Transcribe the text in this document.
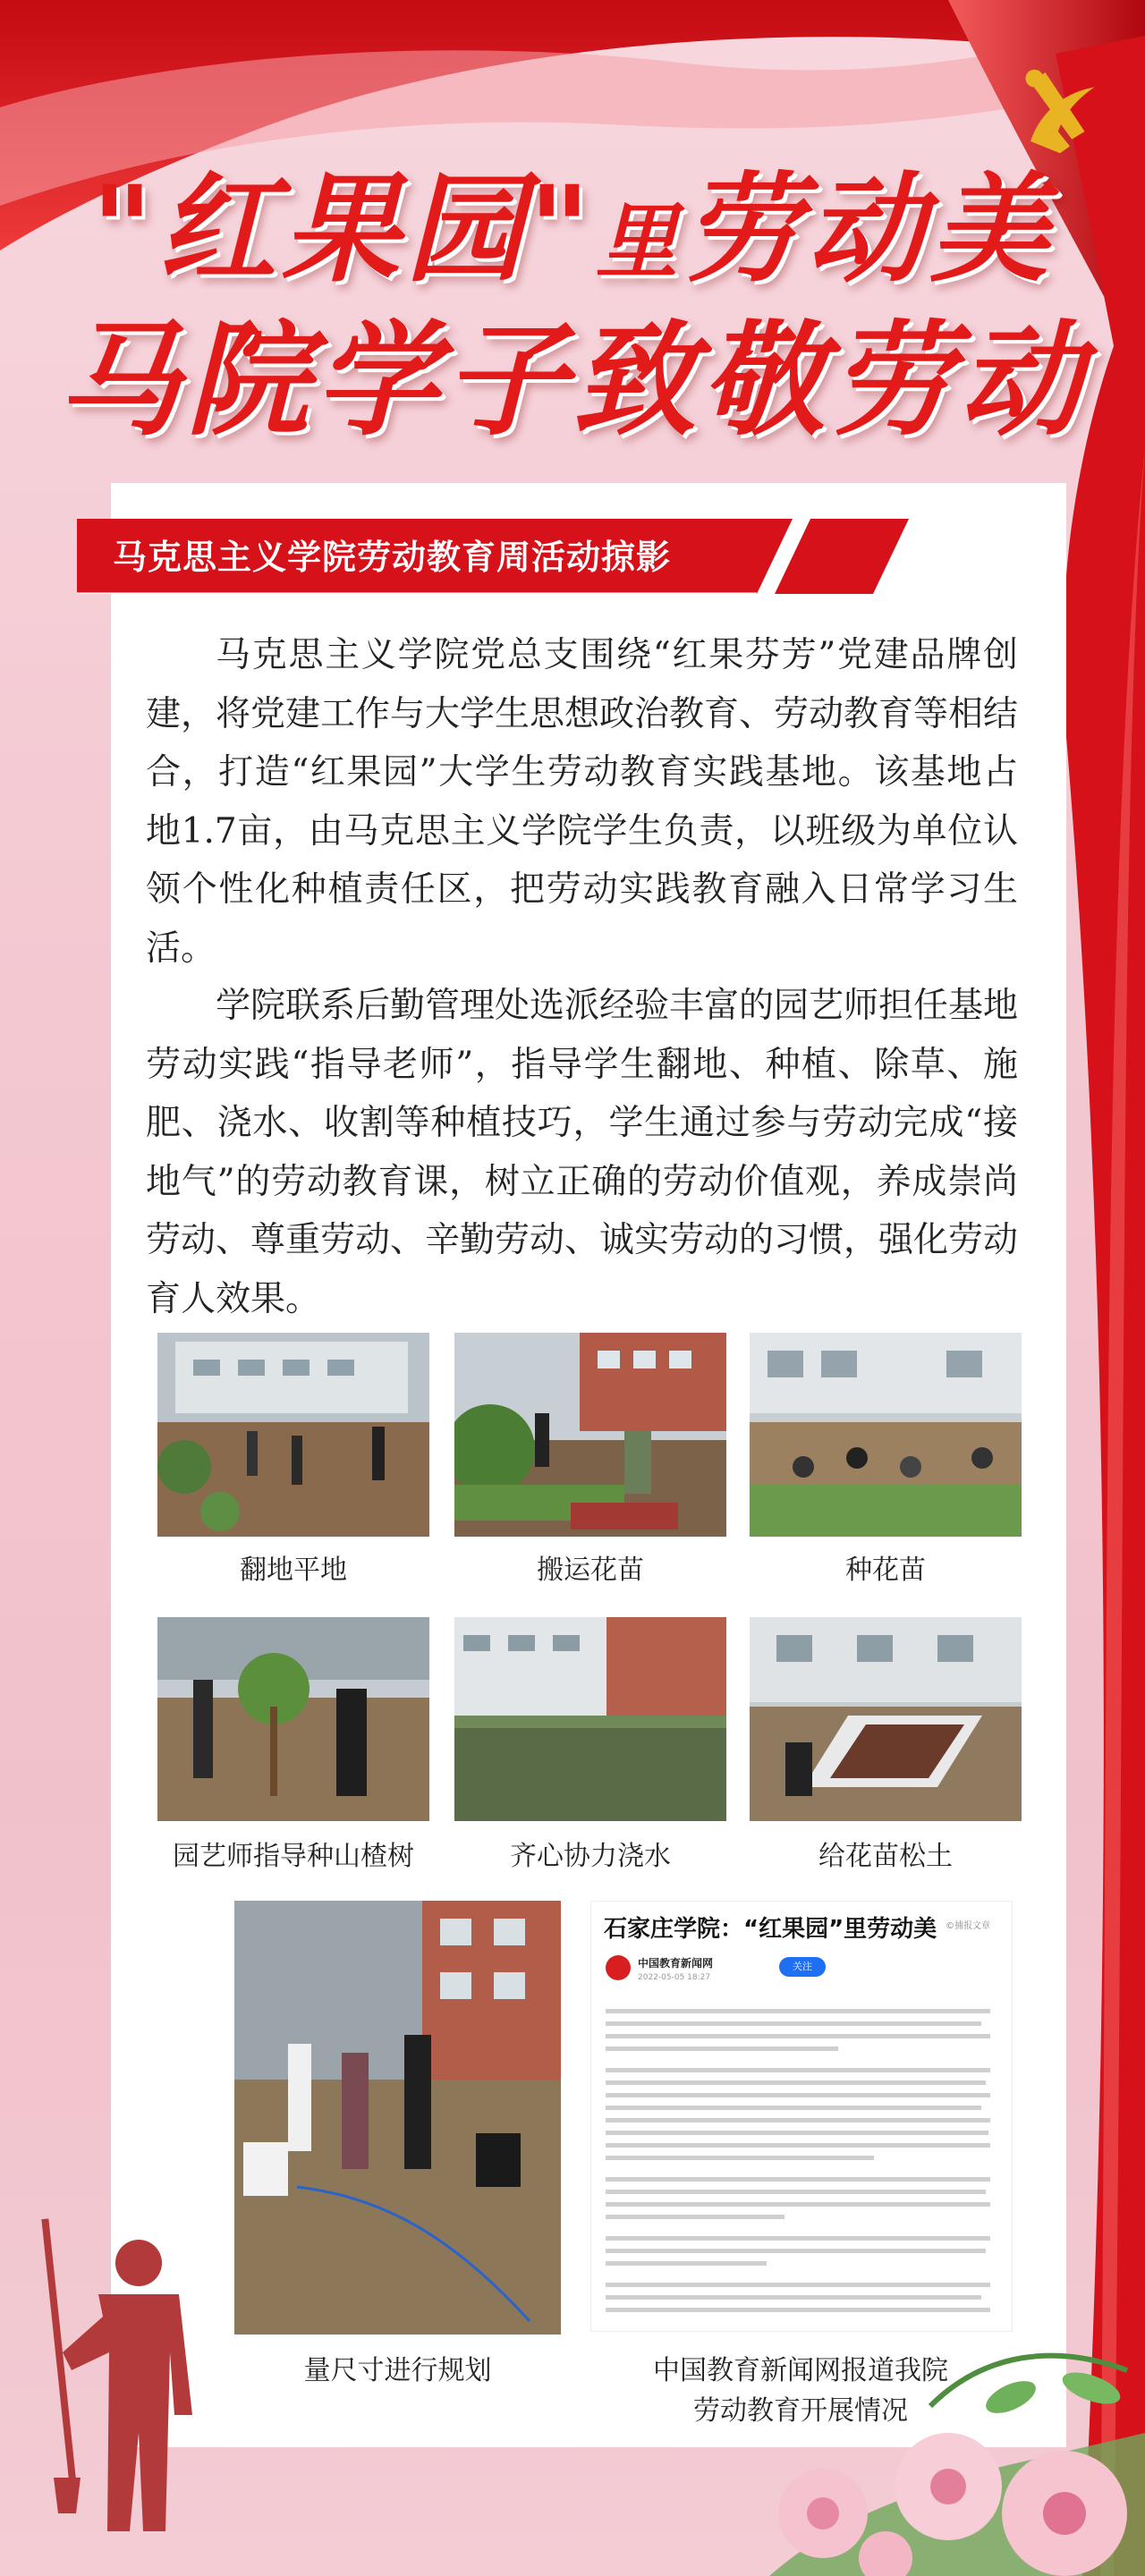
"红果园"里劳动美
马院学子致敬劳动
马克思主义学院劳动教育周活动掠影

马克思主义学院党总支围绕“红果芬芳”党建品牌创建，将党建工作与大学生思想政治教育、劳动教育等相结合，打造“红果园”大学生劳动教育实践基地。该基地占地1.7亩，由马克思主义学院学生负责，以班级为单位认领个性化种植责任区，把劳动实践教育融入日常学习生活。

学院联系后勤管理处选派经验丰富的园艺师担任基地劳动实践“指导老师”，指导学生翻地、种植、除草、施肥、浇水、收割等种植技巧，学生通过参与劳动完成“接地气”的劳动教育课，树立正确的劳动价值观，养成崇尚劳动、尊重劳动、辛勤劳动、诚实劳动的习惯，强化劳动育人效果。

翻地平地	搬运花苗	种花苗
园艺师指导种山楂树	齐心协力浇水	给花苗松土
量尺寸进行规划
石家庄学院：“红果园”里劳动美 ©捕报文章
中国教育新闻网
2022-05-05 18:27
关注
中国教育新闻网报道我院
劳动教育开展情况
